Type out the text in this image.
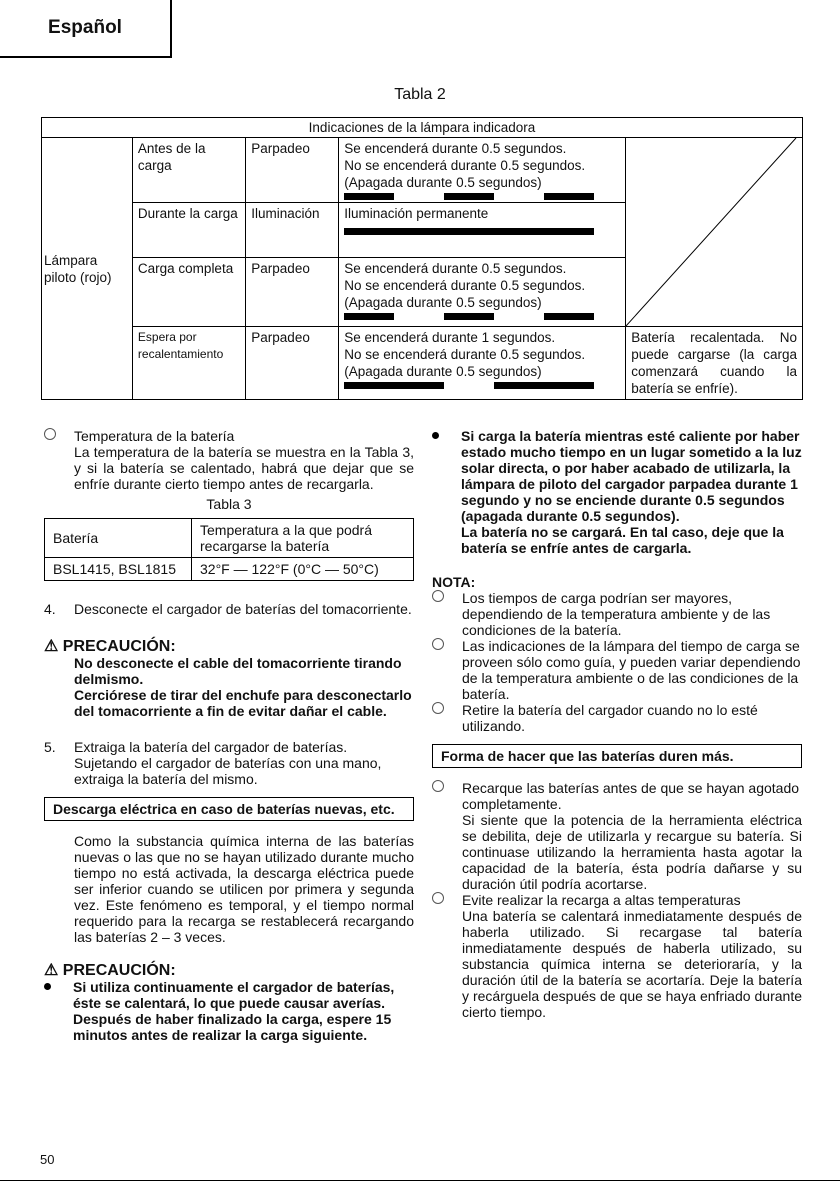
Español
Tabla 2
Indicaciones de la lámpara indicadora				
Lámpara piloto (rojo)	Antes de la carga	Parpadeo	Se encenderá durante 0.5 segundos.
No se encenderá durante 0.5 segundos.
(Apagada durante 0.5 segundos)

	Durante la carga	Iluminación	Iluminación permanente	

	Carga completa	Parpadeo	Se encenderá durante 0.5 segundos.
No se encenderá durante 0.5 segundos.
(Apagada durante 0.5 segundos)	

	Espera por recalentamiento	Parpadeo	Se encenderá durante 1 segundos.
No se encenderá durante 0.5 segundos.
(Apagada durante 0.5 segundos)	Batería recalentada. No puede cargarse (la carga comenzará cuando la batería se enfríe).
Temperatura de la batería

La temperatura de la batería se muestra en la Tabla 3, y si la batería se calentado, habrá que dejar que se enfríe durante cierto tiempo antes de recargarla.

Tabla 3
Batería	Temperatura a la que podrá recargarse la batería
BSL1415, BSL1815	32°F — 122°F (0°C — 50°C)
4.	Desconecte el cargador de baterías del tomacorriente.
⚠ PRECAUCIÓN:

No desconecte el cable del tomacorriente tirando delmismo.

Cerciórese de tirar del enchufe para desconectarlo del tomacorriente a fin de evitar dañar el cable.

5.	Extraiga la batería del cargador de baterías. Sujetando el cargador de baterías con una mano, extraiga la batería del mismo.
Descarga eléctrica en caso de baterías nuevas, etc.

Como la substancia química interna de las baterías nuevas o las que no se hayan utilizado durante mucho tiempo no está activada, la descarga eléctrica puede ser inferior cuando se utilicen por primera y segunda vez. Este fenómeno es temporal, y el tiempo normal requerido para la recarga se restablecerá recargando las baterías 2 – 3 veces.

⚠ PRECAUCIÓN:
Si utiliza continuamente el cargador de baterías, éste se calentará, lo que puede causar averías. Después de haber finalizado la carga, espere 15 minutos antes de realizar la carga siguiente.

Si carga la batería mientras esté caliente por haber estado mucho tiempo en un lugar sometido a la luz solar directa, o por haber acabado de utilizarla, la lámpara de piloto del cargador parpadea durante 1 segundo y no se enciende durante 0.5 segundos (apagada durante 0.5 segundos).

La batería no se cargará. En tal caso, deje que la batería se enfríe antes de cargarla.

NOTA:
Los tiempos de carga podrían ser mayores, dependiendo de la temperatura ambiente y de las condiciones de la batería.
Las indicaciones de la lámpara del tiempo de carga se proveen sólo como guía, y pueden variar dependiendo de la temperatura ambiente o de las condiciones de la batería.
Retire la batería del cargador cuando no lo esté utilizando.
Forma de hacer que las baterías duren más.
Recarque las baterías antes de que se hayan agotado completamente.

Si siente que la potencia de la herramienta eléctrica se debilita, deje de utilizarla y recargue su batería. Si continuase utilizando la herramienta hasta agotar la capacidad de la batería, ésta podría dañarse y su duración útil podría acortarse.

Evite realizar la recarga a altas temperaturas

Una batería se calentará inmediatamente después de haberla utilizado. Si recargase tal batería inmediatamente después de haberla utilizado, su substancia química interna se deterioraría, y la duración útil de la batería se acortaría. Deje la batería y recárguela después de que se haya enfriado durante cierto tiempo.

50
